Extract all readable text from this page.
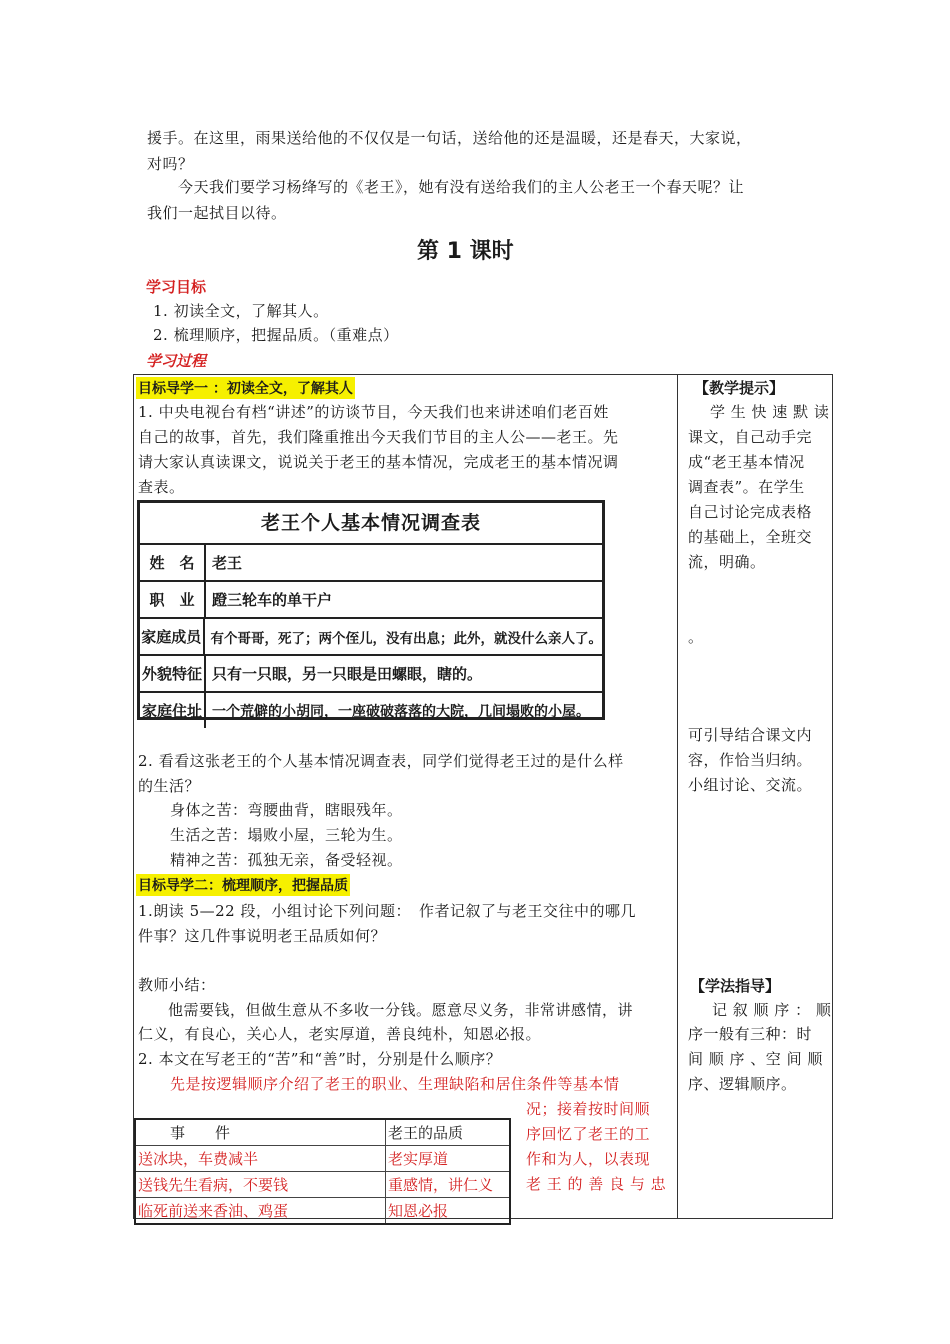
援手。在这里，雨果送给他的不仅仅是一句话，送给他的还是温暖，还是春天，大家说，
对吗？
今天我们要学习杨绛写的《老王》，她有没有送给我们的主人公老王一个春天呢？让
我们一起拭目以待。
第 1 课时
学习目标
1. 初读全文，了解其人。
2. 梳理顺序，把握品质。（重难点）
学习过程
目标导学一 ：初读全文，了解其人
1. 中央电视台有档“讲述”的访谈节目，今天我们也来讲述咱们老百姓
自己的故事，首先，我们隆重推出今天我们节目的主人公——老王。先
请大家认真读课文，说说关于老王的基本情况，完成老王的基本情况调
查表。
老王个人基本情况调查表
姓　名	老王
职　业	蹬三轮车的单干户
家庭成员 有个哥哥，死了；两个侄儿，没有出息；此外，就没什么亲人了。
外貌特征 只有一只眼，另一只眼是田螺眼，瞎的。
家庭住址 一个荒僻的小胡同，一座破破落落的大院，几间塌败的小屋。
2. 看看这张老王的个人基本情况调查表，同学们觉得老王过的是什么样
的生活？
身体之苦：弯腰曲背，瞎眼残年。
生活之苦：塌败小屋，三轮为生。
精神之苦：孤独无亲，备受轻视。
目标导学二：梳理顺序，把握品质
1.朗读 5—22 段，小组讨论下列问题：　作者记叙了与老王交往中的哪几
件事？这几件事说明老王品质如何？
教师小结：
他需要钱，但做生意从不多收一分钱。愿意尽义务，非常讲感情，讲
仁义，有良心，关心人，老实厚道，善良纯朴，知恩必报。
2. 本文在写老王的“苦”和“善”时，分别是什么顺序？
先是按逻辑顺序介绍了老王的职业、生理缺陷和居住条件等基本情
况；接着按时间顺
序回忆了老王的工
作和为人，以表现
老 王 的 善 良 与 忠
事　　件	老王的品质
送冰块，车费减半	老实厚道
送钱先生看病，不要钱	重感情，讲仁义
临死前送来香油、鸡蛋	知恩必报
【教学提示】
学 生 快 速 默 读
课文，自己动手完
成“老王基本情况
调查表”。在学生
自己讨论完成表格
的基础上，全班交
流，明确。
。
可引导结合课文内
容，作恰当归纳。
小组讨论、交流。
【学法指导】
记 叙 顺 序 ： 顺
序一般有三种：时
间 顺 序 、空 间 顺
序、逻辑顺序。
